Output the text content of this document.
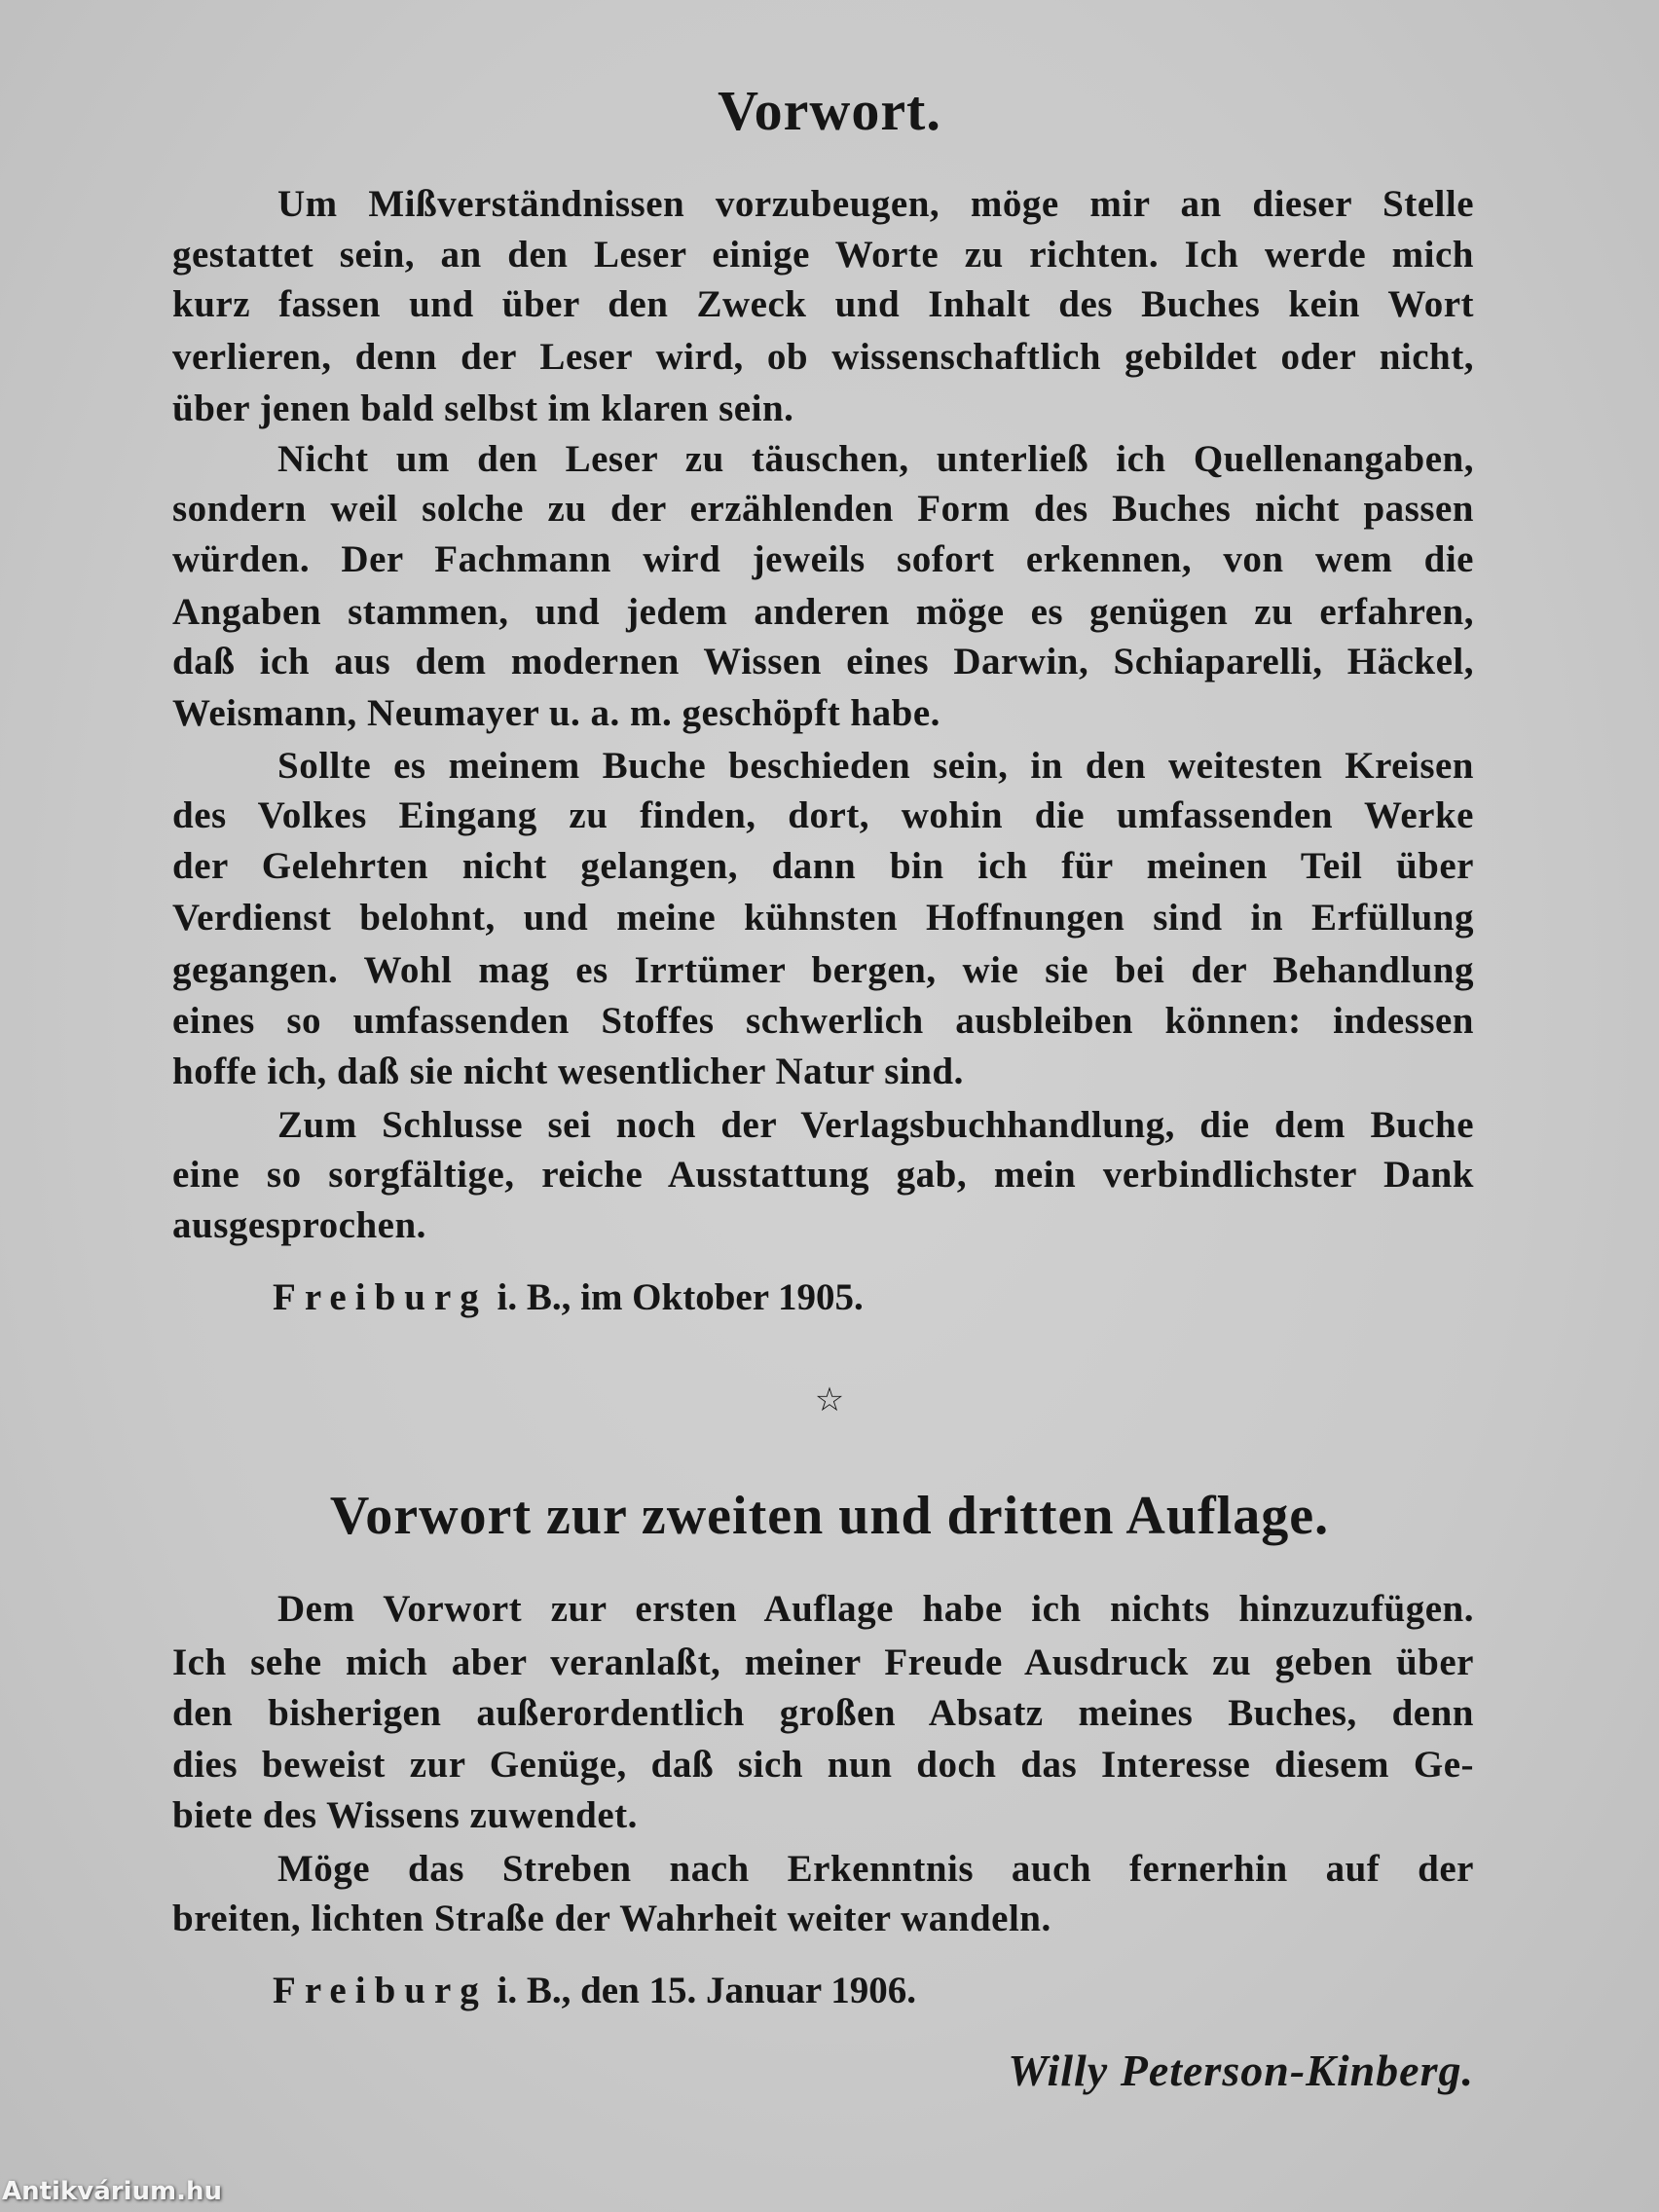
Vorwort.
Um Mißverständnissen vorzubeugen, möge mir an dieser Stelle
gestattet sein, an den Leser einige Worte zu richten. Ich werde mich
kurz fassen und über den Zweck und Inhalt des Buches kein Wort
verlieren, denn der Leser wird, ob wissenschaftlich gebildet oder nicht,
über jenen bald selbst im klaren sein.
Nicht um den Leser zu täuschen, unterließ ich Quellenangaben,
sondern weil solche zu der erzählenden Form des Buches nicht passen
würden. Der Fachmann wird jeweils sofort erkennen, von wem die
Angaben stammen, und jedem anderen möge es genügen zu erfahren,
daß ich aus dem modernen Wissen eines Darwin, Schiaparelli, Häckel,
Weismann, Neumayer u. a. m. geschöpft habe.
Sollte es meinem Buche beschieden sein, in den weitesten Kreisen
des Volkes Eingang zu finden, dort, wohin die umfassenden Werke
der Gelehrten nicht gelangen, dann bin ich für meinen Teil über
Verdienst belohnt, und meine kühnsten Hoffnungen sind in Erfüllung
gegangen. Wohl mag es Irrtümer bergen, wie sie bei der Behandlung
eines so umfassenden Stoffes schwerlich ausbleiben können: indessen
hoffe ich, daß sie nicht wesentlicher Natur sind.
Zum Schlusse sei noch der Verlagsbuchhandlung, die dem Buche
eine so sorgfältige, reiche Ausstattung gab, mein verbindlichster Dank
ausgesprochen.
Freiburg i. B., im Oktober 1905.
☆
Vorwort zur zweiten und dritten Auflage.
Dem Vorwort zur ersten Auflage habe ich nichts hinzuzufügen.
Ich sehe mich aber veranlaßt, meiner Freude Ausdruck zu geben über
den bisherigen außerordentlich großen Absatz meines Buches, denn
dies beweist zur Genüge, daß sich nun doch das Interesse diesem Ge-
biete des Wissens zuwendet.
Möge das Streben nach Erkenntnis auch fernerhin auf der
breiten, lichten Straße der Wahrheit weiter wandeln.
Freiburg i. B., den 15. Januar 1906.
Willy Peterson-Kinberg.
Antikvárium.hu
